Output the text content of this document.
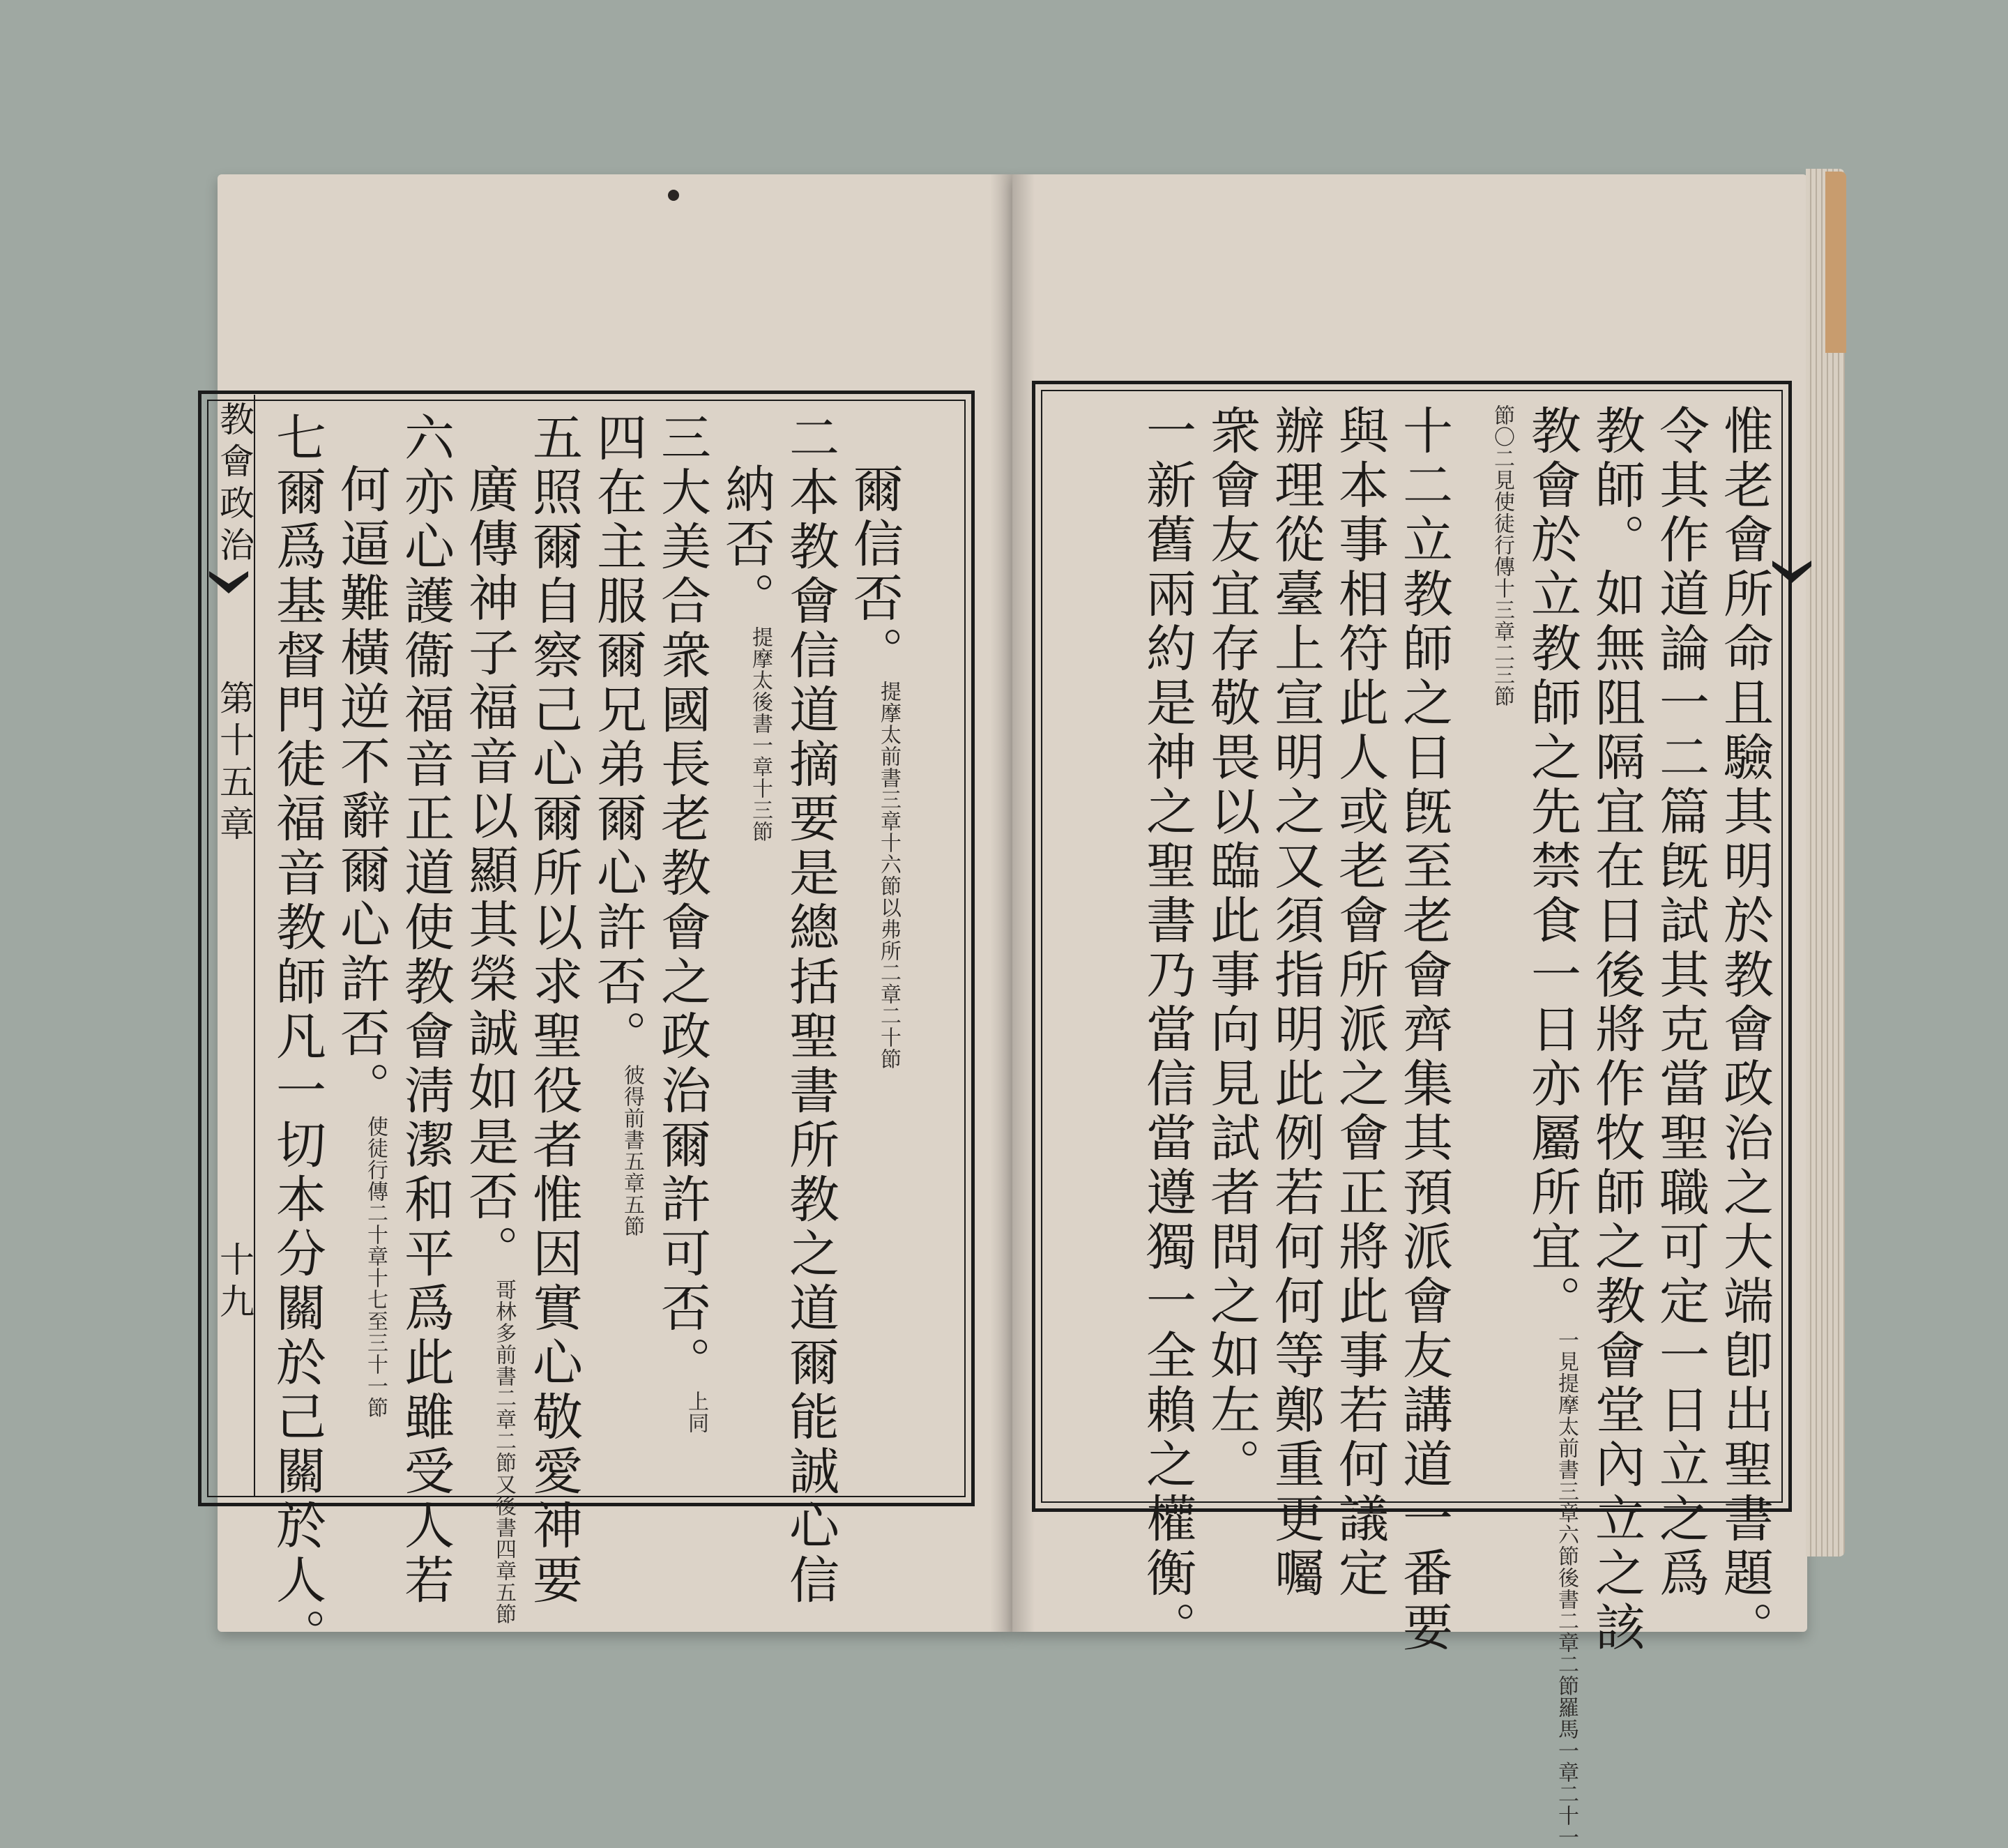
教會政治
第十五章
十九
爾信否。提摩太前書三章十六節以弗所二章二十節
二本教會信道摘要是總括聖書所教之道爾能誠心信
納否。提摩太後書一章十三節
三大美合衆國長老教會之政治爾許可否。上同
四在主服爾兄弟爾心許否。彼得前書五章五節
五照爾自察己心爾所以求聖役者惟因實心敬愛神要
廣傳神子福音以顯其榮誠如是否。哥林多前書二章二節又後書四章五節
六亦心護衞福音正道使教會淸潔和平爲此雖受人若
何逼難橫逆不辭爾心許否。使徒行傳二十章十七至三十一節
七爾爲基督門徒福音教師凡一切本分關於己關於人。	惟老會所命且驗其明於教會政治之大端卽出聖書題。
令其作道論一二篇旣試其克當聖職可定一日立之爲
教師。如無阻隔宜在日後將作牧師之教會堂內立之該
教會於立教師之先禁食一日亦屬所宜。一見提摩太前書三章六節後書二章二節羅馬一章二十一
節〇二見使徒行傳十三章二三節
十二立教師之日旣至老會齊集其預派會友講道一番要
與本事相符此人或老會所派之會正將此事若何議定
辦理從臺上宣明之又須指明此例若何何等鄭重更囑
衆會友宜存敬畏以臨此事向見試者問之如左。
一新舊兩約是神之聖書乃當信當遵獨一全賴之權衡。
